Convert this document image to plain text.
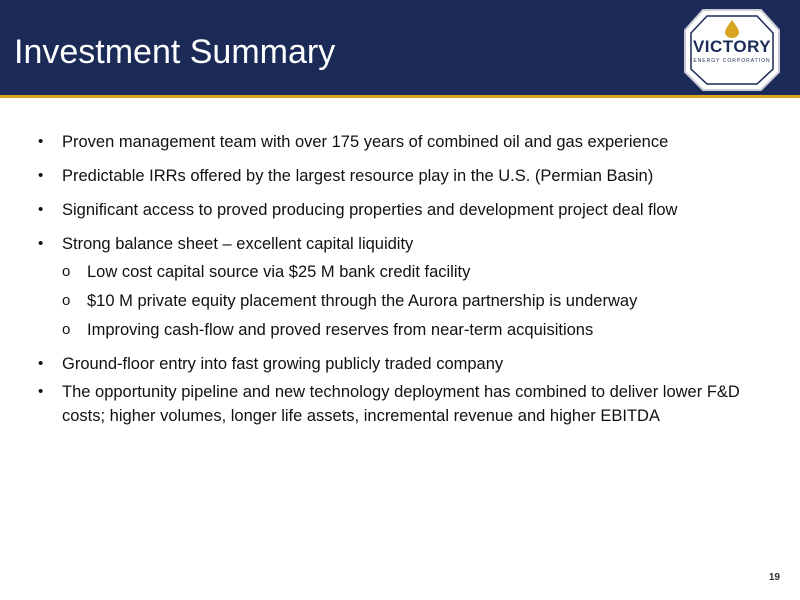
Investment Summary	VICTORY
ENERGY CORPORATION
•	Proven management team with over 175 years of combined oil and gas experience
•	Predictable IRRs offered by the largest resource play in the U.S. (Permian Basin)
•	Significant access to proved producing properties and development project deal flow
•	Strong balance sheet – excellent capital liquidity
o Low cost capital source via $25 M bank credit facility
o $10 M private equity placement through the Aurora partnership is underway
o Improving cash-flow and proved reserves from near-term acquisitions
•	Ground-floor entry into fast growing publicly traded company
•	The opportunity pipeline and new technology deployment has combined to deliver lower F&D costs; higher volumes, longer life assets, incremental revenue and higher EBITDA
19
